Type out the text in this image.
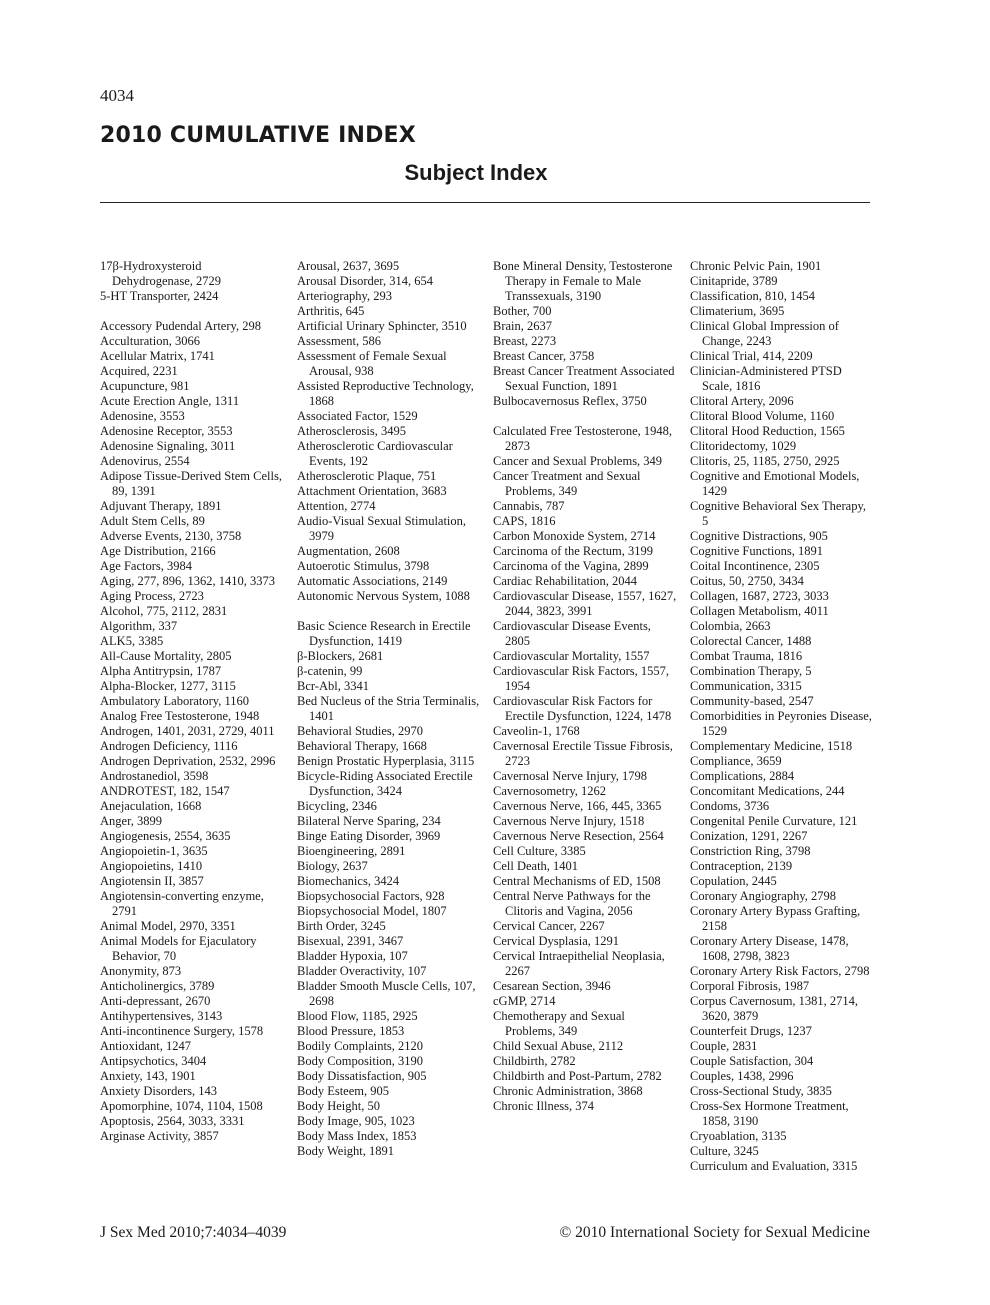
4034
2010 CUMULATIVE INDEX
Subject Index
17β-Hydroxysteroid Dehydrogenase, 2729
5-HT Transporter, 2424
Accessory Pudendal Artery, 298
Acculturation, 3066
Acellular Matrix, 1741
Acquired, 2231
Acupuncture, 981
Acute Erection Angle, 1311
Adenosine, 3553
Adenosine Receptor, 3553
Adenosine Signaling, 3011
Adenovirus, 2554
Adipose Tissue-Derived Stem Cells, 89, 1391
Adjuvant Therapy, 1891
Adult Stem Cells, 89
Adverse Events, 2130, 3758
Age Distribution, 2166
Age Factors, 3984
Aging, 277, 896, 1362, 1410, 3373
Aging Process, 2723
Alcohol, 775, 2112, 2831
Algorithm, 337
ALK5, 3385
All-Cause Mortality, 2805
Alpha Antitrypsin, 1787
Alpha-Blocker, 1277, 3115
Ambulatory Laboratory, 1160
Analog Free Testosterone, 1948
Androgen, 1401, 2031, 2729, 4011
Androgen Deficiency, 1116
Androgen Deprivation, 2532, 2996
Androstanediol, 3598
ANDROTEST, 182, 1547
Anejaculation, 1668
Anger, 3899
Angiogenesis, 2554, 3635
Angiopoietin-1, 3635
Angiopoietins, 1410
Angiotensin II, 3857
Angiotensin-converting enzyme, 2791
Animal Model, 2970, 3351
Animal Models for Ejaculatory Behavior, 70
Anonymity, 873
Anticholinergics, 3789
Anti-depressant, 2670
Antihypertensives, 3143
Anti-incontinence Surgery, 1578
Antioxidant, 1247
Antipsychotics, 3404
Anxiety, 143, 1901
Anxiety Disorders, 143
Apomorphine, 1074, 1104, 1508
Apoptosis, 2564, 3033, 3331
Arginase Activity, 3857
Arousal, 2637, 3695
Arousal Disorder, 314, 654
Arteriography, 293
Arthritis, 645
Artificial Urinary Sphincter, 3510
Assessment, 586
Assessment of Female Sexual Arousal, 938
Assisted Reproductive Technology, 1868
Associated Factor, 1529
Atherosclerosis, 3495
Atherosclerotic Cardiovascular Events, 192
Atherosclerotic Plaque, 751
Attachment Orientation, 3683
Attention, 2774
Audio-Visual Sexual Stimulation, 3979
Augmentation, 2608
Autoerotic Stimulus, 3798
Automatic Associations, 2149
Autonomic Nervous System, 1088
Basic Science Research in Erectile Dysfunction, 1419
β-Blockers, 2681
β-catenin, 99
Bcr-Abl, 3341
Bed Nucleus of the Stria Terminalis, 1401
Behavioral Studies, 2970
Behavioral Therapy, 1668
Benign Prostatic Hyperplasia, 3115
Bicycle-Riding Associated Erectile Dysfunction, 3424
Bicycling, 2346
Bilateral Nerve Sparing, 234
Binge Eating Disorder, 3969
Bioengineering, 2891
Biology, 2637
Biomechanics, 3424
Biopsychosocial Factors, 928
Biopsychosocial Model, 1807
Birth Order, 3245
Bisexual, 2391, 3467
Bladder Hypoxia, 107
Bladder Overactivity, 107
Bladder Smooth Muscle Cells, 107, 2698
Blood Flow, 1185, 2925
Blood Pressure, 1853
Bodily Complaints, 2120
Body Composition, 3190
Body Dissatisfaction, 905
Body Esteem, 905
Body Height, 50
Body Image, 905, 1023
Body Mass Index, 1853
Body Weight, 1891
Bone Mineral Density, Testosterone Therapy in Female to Male Transsexuals, 3190
Bother, 700
Brain, 2637
Breast, 2273
Breast Cancer, 3758
Breast Cancer Treatment Associated Sexual Function, 1891
Bulbocavernosus Reflex, 3750
Calculated Free Testosterone, 1948, 2873
Cancer and Sexual Problems, 349
Cancer Treatment and Sexual Problems, 349
Cannabis, 787
CAPS, 1816
Carbon Monoxide System, 2714
Carcinoma of the Rectum, 3199
Carcinoma of the Vagina, 2899
Cardiac Rehabilitation, 2044
Cardiovascular Disease, 1557, 1627, 2044, 3823, 3991
Cardiovascular Disease Events, 2805
Cardiovascular Mortality, 1557
Cardiovascular Risk Factors, 1557, 1954
Cardiovascular Risk Factors for Erectile Dysfunction, 1224, 1478
Caveolin-1, 1768
Cavernosal Erectile Tissue Fibrosis, 2723
Cavernosal Nerve Injury, 1798
Cavernosometry, 1262
Cavernous Nerve, 166, 445, 3365
Cavernous Nerve Injury, 1518
Cavernous Nerve Resection, 2564
Cell Culture, 3385
Cell Death, 1401
Central Mechanisms of ED, 1508
Central Nerve Pathways for the Clitoris and Vagina, 2056
Cervical Cancer, 2267
Cervical Dysplasia, 1291
Cervical Intraepithelial Neoplasia, 2267
Cesarean Section, 3946
cGMP, 2714
Chemotherapy and Sexual Problems, 349
Child Sexual Abuse, 2112
Childbirth, 2782
Childbirth and Post-Partum, 2782
Chronic Administration, 3868
Chronic Illness, 374
Chronic Pelvic Pain, 1901
Cinitapride, 3789
Classification, 810, 1454
Climaterium, 3695
Clinical Global Impression of Change, 2243
Clinical Trial, 414, 2209
Clinician-Administered PTSD Scale, 1816
Clitoral Artery, 2096
Clitoral Blood Volume, 1160
Clitoral Hood Reduction, 1565
Clitoridectomy, 1029
Clitoris, 25, 1185, 2750, 2925
Cognitive and Emotional Models, 1429
Cognitive Behavioral Sex Therapy, 5
Cognitive Distractions, 905
Cognitive Functions, 1891
Coital Incontinence, 2305
Coitus, 50, 2750, 3434
Collagen, 1687, 2723, 3033
Collagen Metabolism, 4011
Colombia, 2663
Colorectal Cancer, 1488
Combat Trauma, 1816
Combination Therapy, 5
Communication, 3315
Community-based, 2547
Comorbidities in Peyronies Disease, 1529
Complementary Medicine, 1518
Compliance, 3659
Complications, 2884
Concomitant Medications, 244
Condoms, 3736
Congenital Penile Curvature, 121
Conization, 1291, 2267
Constriction Ring, 3798
Contraception, 2139
Copulation, 2445
Coronary Angiography, 2798
Coronary Artery Bypass Grafting, 2158
Coronary Artery Disease, 1478, 1608, 2798, 3823
Coronary Artery Risk Factors, 2798
Corporal Fibrosis, 1987
Corpus Cavernosum, 1381, 2714, 3620, 3879
Counterfeit Drugs, 1237
Couple, 2831
Couple Satisfaction, 304
Couples, 1438, 2996
Cross-Sectional Study, 3835
Cross-Sex Hormone Treatment, 1858, 3190
Cryoablation, 3135
Culture, 3245
Curriculum and Evaluation, 3315
J Sex Med 2010;7:4034–4039	© 2010 International Society for Sexual Medicine
